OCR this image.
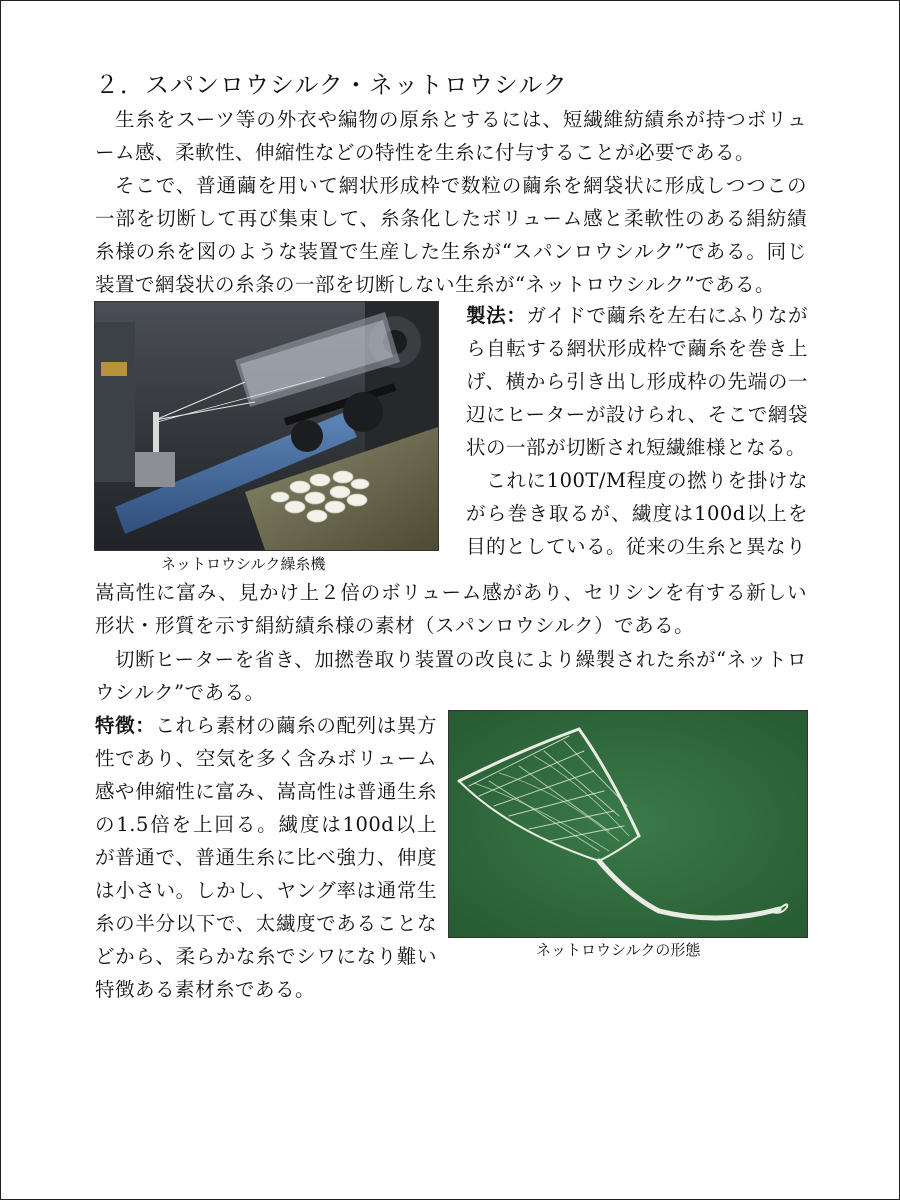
２．スパンロウシルク・ネットロウシルク

生糸をスーツ等の外衣や編物の原糸とするには、短繊維紡績糸が持つボリューム感、柔軟性、伸縮性などの特性を生糸に付与することが必要である。

そこで、普通繭を用いて網状形成枠で数粒の繭糸を網袋状に形成しつつこの一部を切断して再び集束して、糸条化したボリューム感と柔軟性のある絹紡績糸様の糸を図のような装置で生産した生糸が“スパンロウシルク”である。同じ装置で網袋状の糸条の一部を切断しない生糸が“ネットロウシルク”である。

ネットロウシルク繰糸機

製法：ガイドで繭糸を左右にふりながら自転する網状形成枠で繭糸を巻き上げ、横から引き出し形成枠の先端の一辺にヒーターが設けられ、そこで網袋状の一部が切断され短繊維様となる。
これに100T/M程度の撚りを掛けながら巻き取るが、繊度は100d以上を目的としている。従来の生糸と異なり

嵩高性に富み、見かけ上２倍のボリューム感があり、セリシンを有する新しい形状・形質を示す絹紡績糸様の素材（スパンロウシルク）である。

切断ヒーターを省き、加撚巻取り装置の改良により繰製された糸が“ネットロウシルク”である。

特徴：これら素材の繭糸の配列は異方性であり、空気を多く含みボリューム感や伸縮性に富み、嵩高性は普通生糸の1.5倍を上回る。繊度は100d以上が普通で、普通生糸に比べ強力、伸度は小さい。しかし、ヤング率は通常生糸の半分以下で、太繊度であることなどから、柔らかな糸でシワになり難い特徴ある素材糸である。

ネットロウシルクの形態
